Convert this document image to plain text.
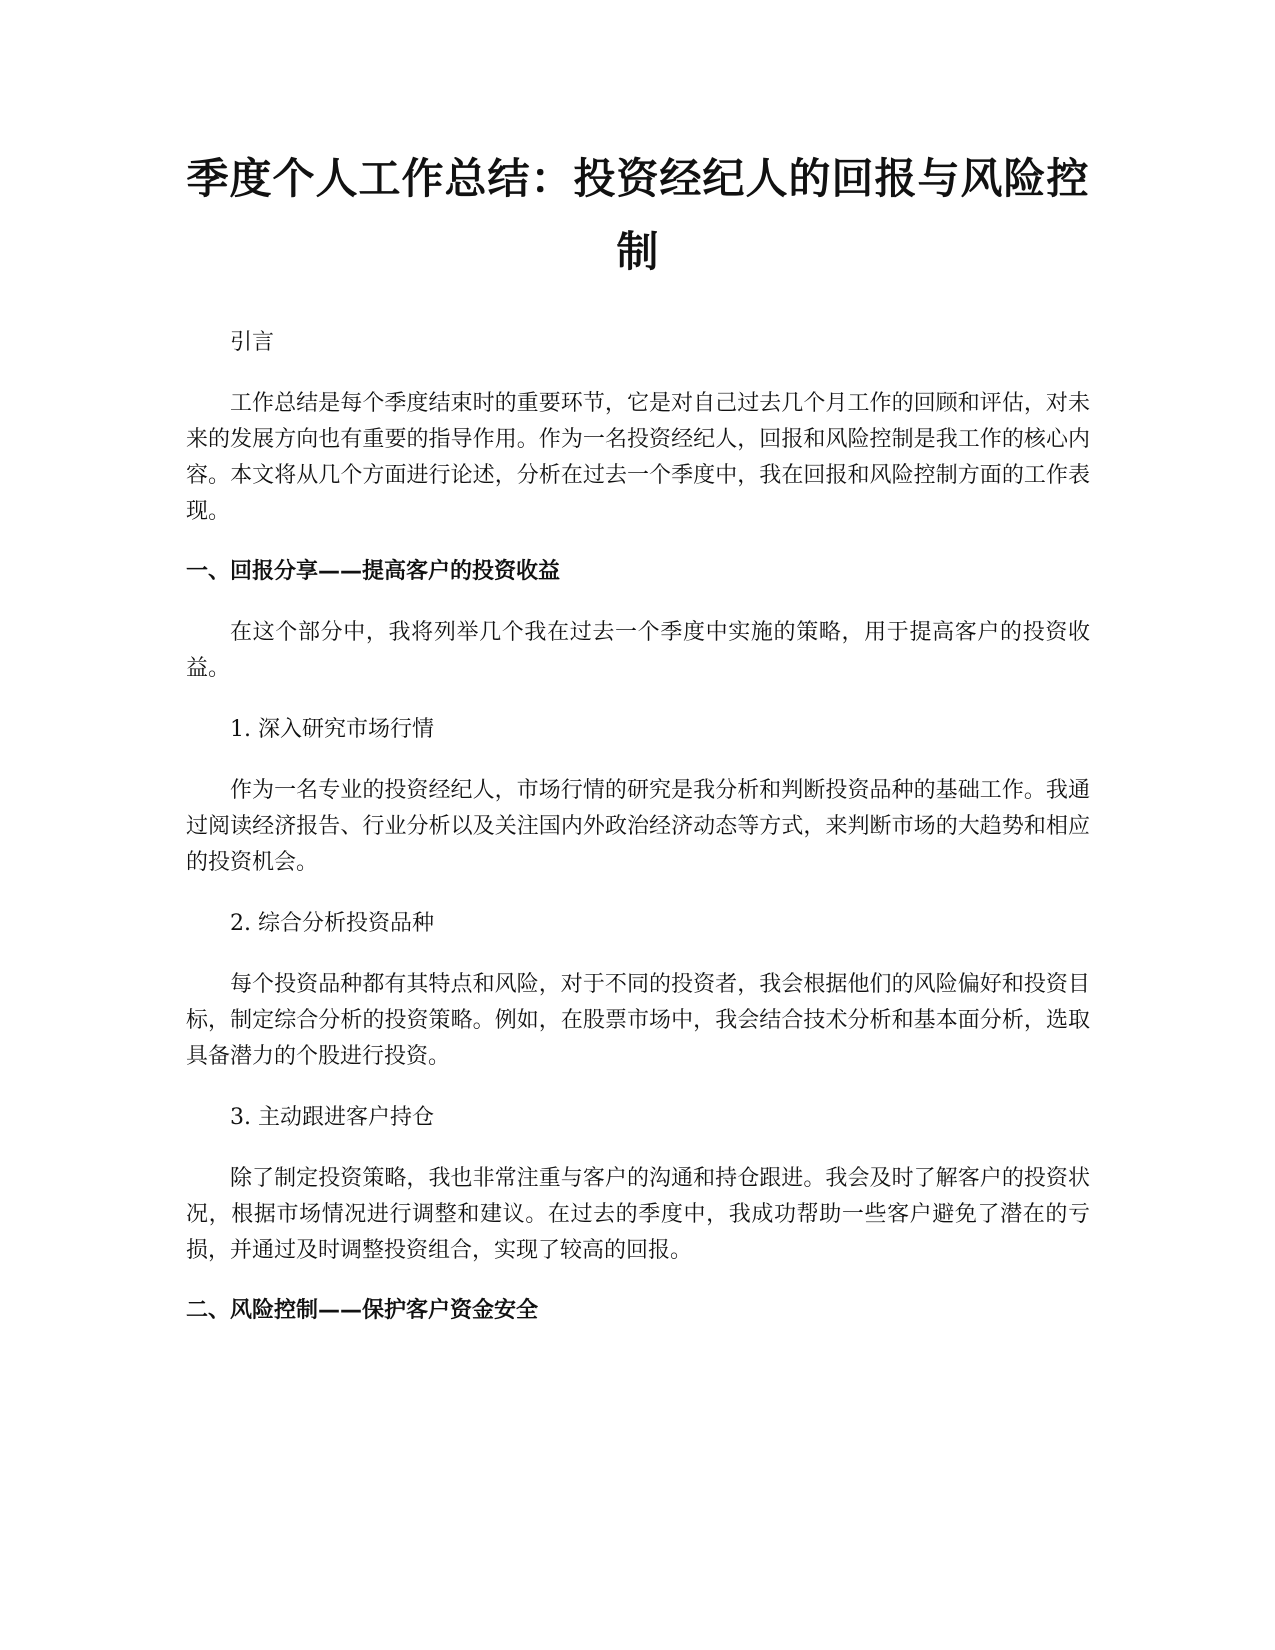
季度个人工作总结：投资经纪人的回报与风险控制

引言

工作总结是每个季度结束时的重要环节，它是对自己过去几个月工作的回顾和评估，对未来的发展方向也有重要的指导作用。作为一名投资经纪人，回报和风险控制是我工作的核心内容。本文将从几个方面进行论述，分析在过去一个季度中，我在回报和风险控制方面的工作表现。

一、回报分享——提高客户的投资收益

在这个部分中，我将列举几个我在过去一个季度中实施的策略，用于提高客户的投资收益。

1. 深入研究市场行情

作为一名专业的投资经纪人，市场行情的研究是我分析和判断投资品种的基础工作。我通过阅读经济报告、行业分析以及关注国内外政治经济动态等方式，来判断市场的大趋势和相应的投资机会。

2. 综合分析投资品种

每个投资品种都有其特点和风险，对于不同的投资者，我会根据他们的风险偏好和投资目标，制定综合分析的投资策略。例如，在股票市场中，我会结合技术分析和基本面分析，选取具备潜力的个股进行投资。

3. 主动跟进客户持仓

除了制定投资策略，我也非常注重与客户的沟通和持仓跟进。我会及时了解客户的投资状况，根据市场情况进行调整和建议。在过去的季度中，我成功帮助一些客户避免了潜在的亏损，并通过及时调整投资组合，实现了较高的回报。

二、风险控制——保护客户资金安全
